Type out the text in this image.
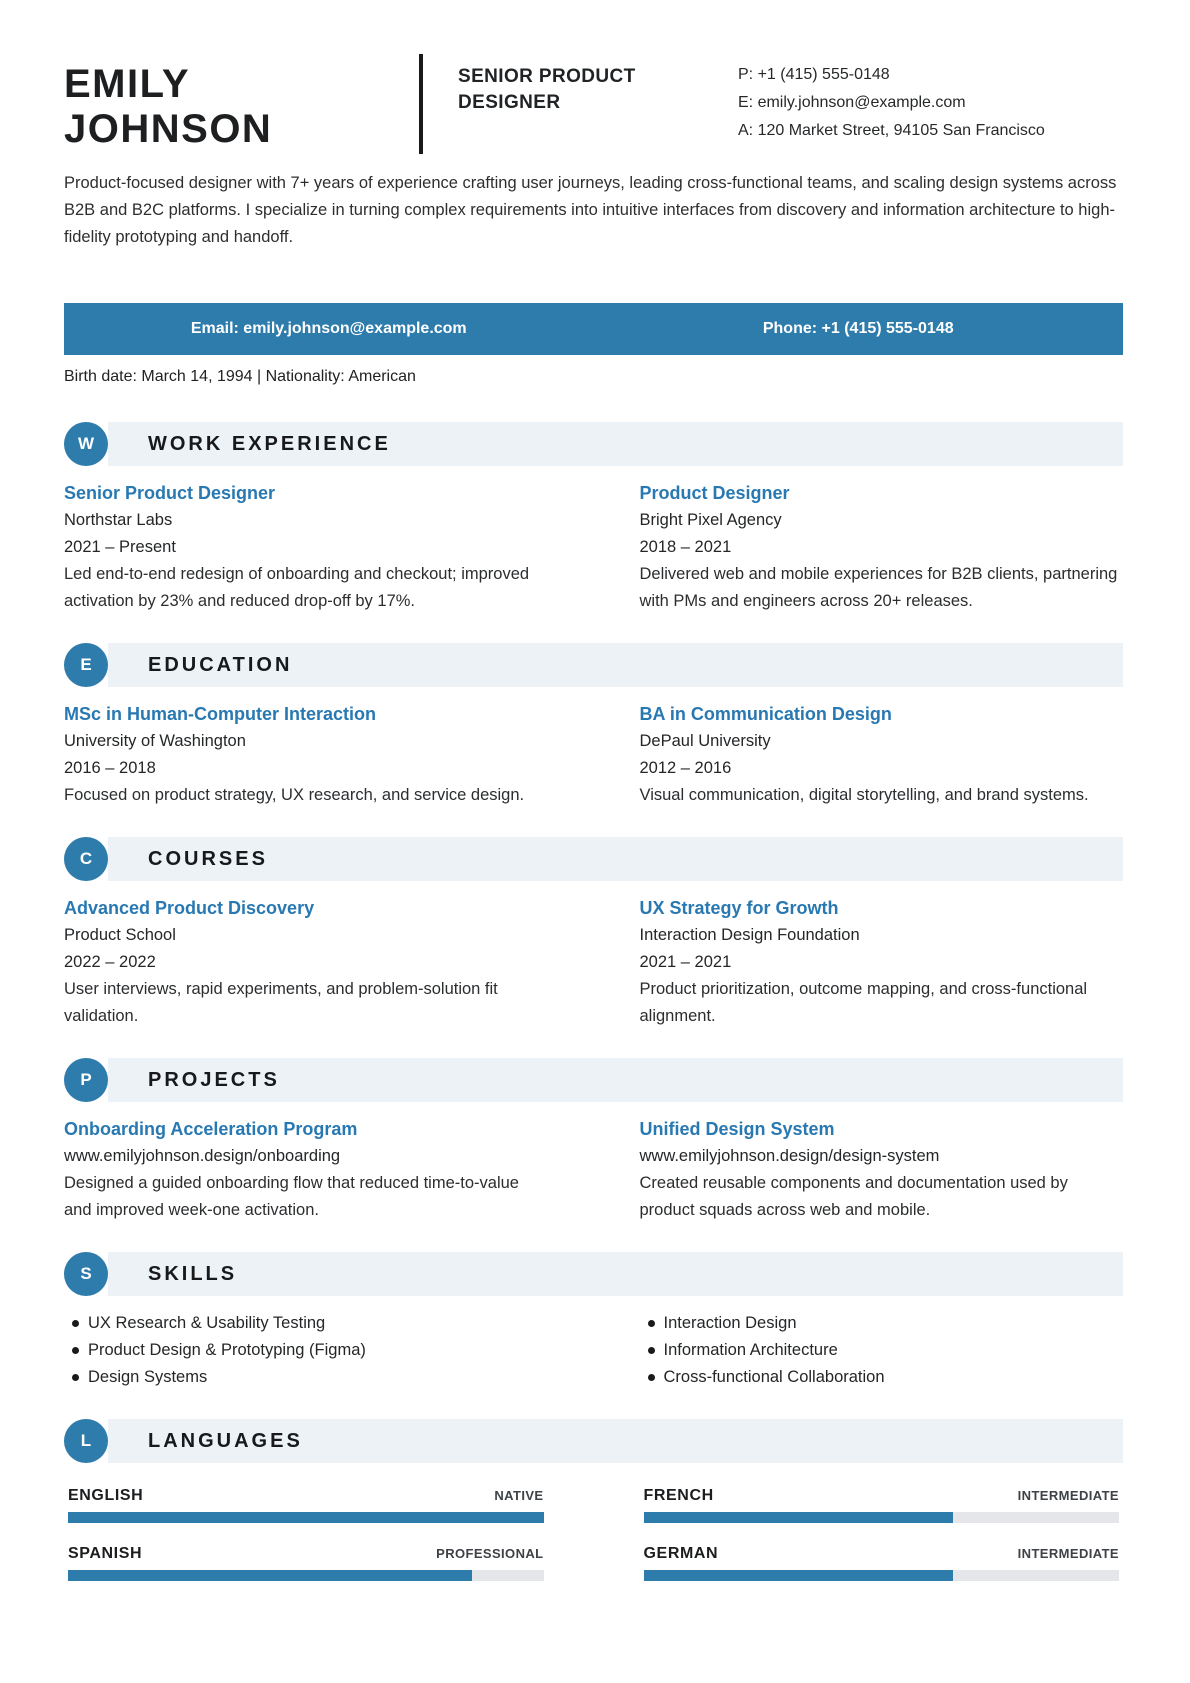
EMILY
JOHNSON
SENIOR PRODUCT DESIGNER
P: +1 (415) 555-0148
E: emily.johnson@example.com
A: 120 Market Street, 94105 San Francisco
Product-focused designer with 7+ years of experience crafting user journeys, leading cross-functional teams, and scaling design systems across B2B and B2C platforms. I specialize in turning complex requirements into intuitive interfaces from discovery and information architecture to high-fidelity prototyping and handoff.
Email: emily.johnson@example.com	Phone: +1 (415) 555-0148
Birth date: March 14, 1994 | Nationality: American
W	WORK EXPERIENCE
Senior Product Designer
Northstar Labs
2021 – Present
Led end-to-end redesign of onboarding and checkout; improved activation by 23% and reduced drop-off by 17%.
Product Designer
Bright Pixel Agency
2018 – 2021
Delivered web and mobile experiences for B2B clients, partnering with PMs and engineers across 20+ releases.
E	EDUCATION
MSc in Human-Computer Interaction
University of Washington
2016 – 2018
Focused on product strategy, UX research, and service design.
BA in Communication Design
DePaul University
2012 – 2016
Visual communication, digital storytelling, and brand systems.
C	COURSES
Advanced Product Discovery
Product School
2022 – 2022
User interviews, rapid experiments, and problem-solution fit validation.
UX Strategy for Growth
Interaction Design Foundation
2021 – 2021
Product prioritization, outcome mapping, and cross-functional alignment.
P	PROJECTS
Onboarding Acceleration Program
www.emilyjohnson.design/onboarding
Designed a guided onboarding flow that reduced time-to-value and improved week-one activation.
Unified Design System
www.emilyjohnson.design/design-system
Created reusable components and documentation used by product squads across web and mobile.
S	SKILLS
UX Research & Usability Testing
Product Design & Prototyping (Figma)
Design Systems
Interaction Design
Information Architecture
Cross-functional Collaboration
L	LANGUAGES
ENGLISH	NATIVE
SPANISH	PROFESSIONAL
FRENCH	INTERMEDIATE
GERMAN	INTERMEDIATE
